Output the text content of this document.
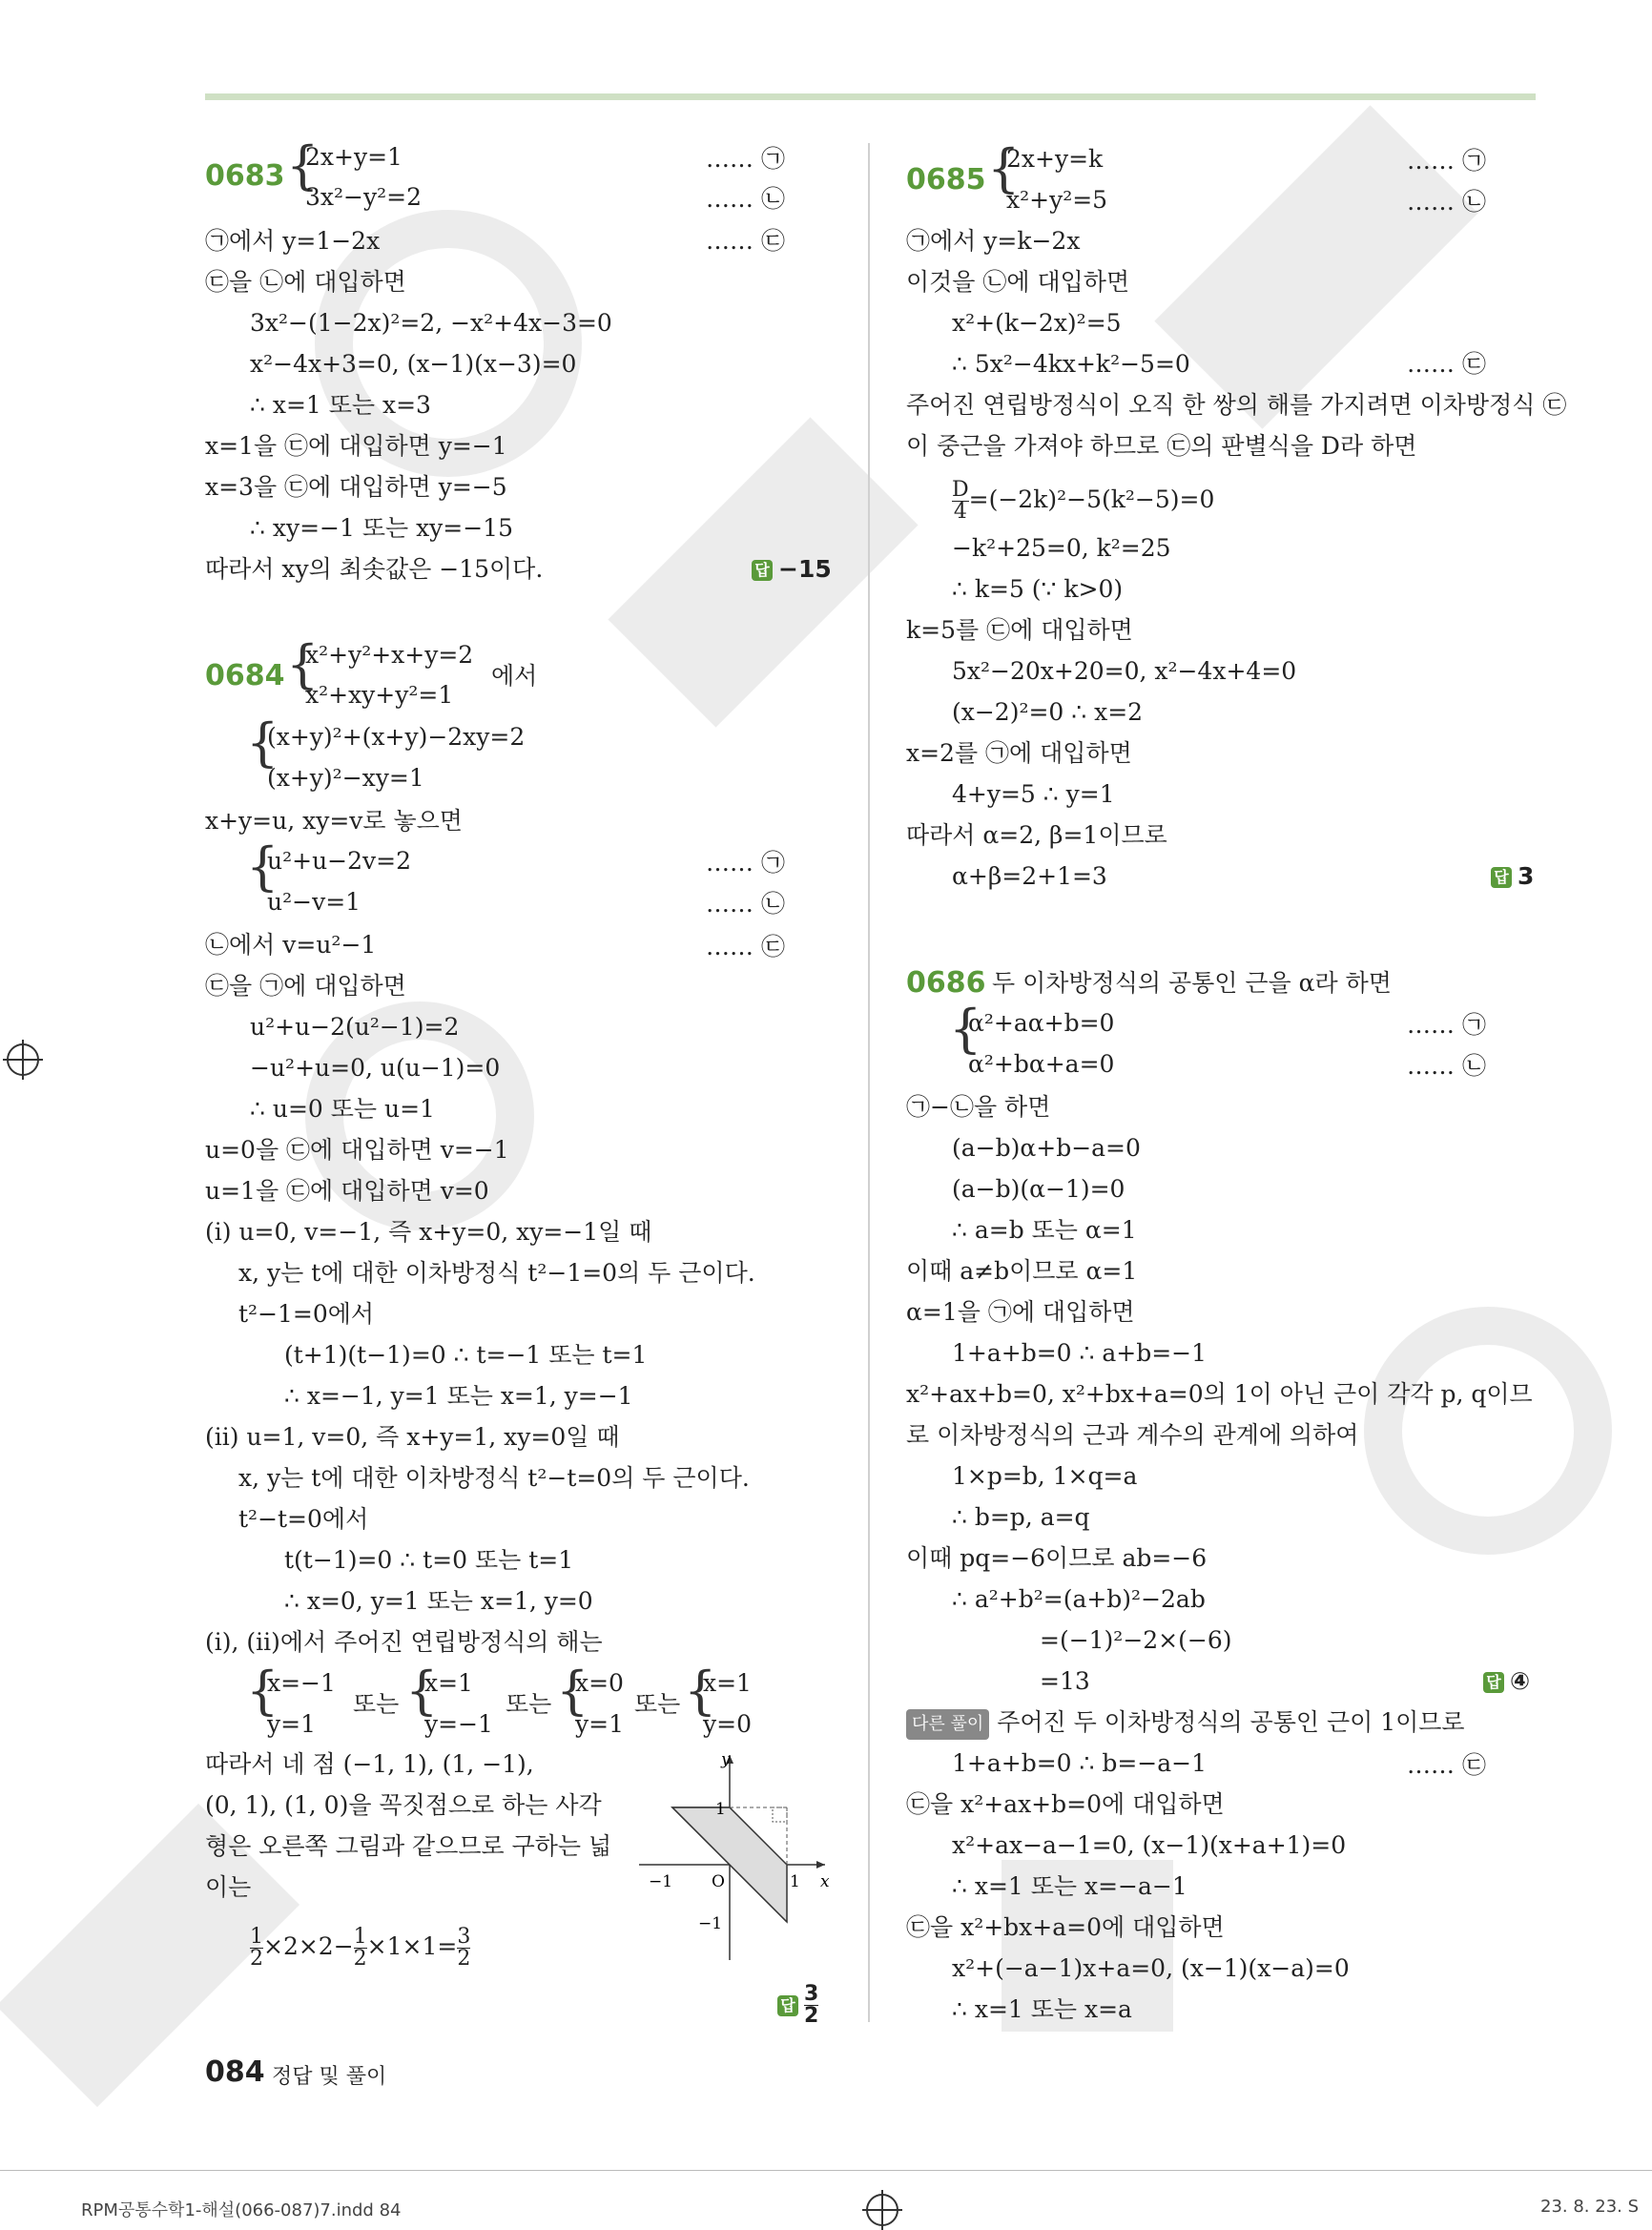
0683 {
2x+y=1
3x²−y²=2
…… ㉠
…… ㉡
㉠에서 y=1−2x	…… ㉢
㉢을 ㉡에 대입하면
3x²−(1−2x)²=2, −x²+4x−3=0
x²−4x+3=0, (x−1)(x−3)=0
∴ x=1 또는 x=3
x=1을 ㉢에 대입하면 y=−1
x=3을 ㉢에 대입하면 y=−5
∴ xy=−1 또는 xy=−15
따라서 xy의 최솟값은 −15이다.	답 −15
0684 {
x²+y²+x+y=2
x²+xy+y²=1
에서
{
(x+y)²+(x+y)−2xy=2
(x+y)²−xy=1
x+y=u, xy=v로 놓으면
{
u²+u−2v=2
u²−v=1
…… ㉠
…… ㉡
㉡에서 v=u²−1	…… ㉢
㉢을 ㉠에 대입하면
u²+u−2(u²−1)=2
−u²+u=0, u(u−1)=0
∴ u=0 또는 u=1
u=0을 ㉢에 대입하면 v=−1
u=1을 ㉢에 대입하면 v=0
(i) u=0, v=−1, 즉 x+y=0, xy=−1일 때
x, y는 t에 대한 이차방정식 t²−1=0의 두 근이다.
t²−1=0에서
(t+1)(t−1)=0 ∴ t=−1 또는 t=1
∴ x=−1, y=1 또는 x=1, y=−1
(ii) u=1, v=0, 즉 x+y=1, xy=0일 때
x, y는 t에 대한 이차방정식 t²−t=0의 두 근이다.
t²−t=0에서
t(t−1)=0 ∴ t=0 또는 t=1
∴ x=0, y=1 또는 x=1, y=0
(i), (ii)에서 주어진 연립방정식의 해는
{
x=−1
y=1
또는 {
x=1
y=−1
또는 {
x=0
y=1
또는 {
x=1
y=0
따라서 네 점 (−1, 1), (1, −1),
(0, 1), (1, 0)을 꼭짓점으로 하는 사각
형은 오른쪽 그림과 같으므로 구하는 넓
이는
$\frac{1}{2} \times 2\times 2- \frac{1}{2} \times 1\times 1= \frac{3}{2}$
y
x
O
1
1
−1
−1
답 $\frac{3}{2}$
0685 {
2x+y=k
x²+y²=5
…… ㉠
…… ㉡
㉠에서 y=k−2x
이것을 ㉡에 대입하면
x²+(k−2x)²=5
∴ 5x²−4kx+k²−5=0	…… ㉢
주어진 연립방정식이 오직 한 쌍의 해를 가지려면 이차방정식 ㉢
이 중근을 가져야 하므로 ㉢의 판별식을 D라 하면
$\frac{D}{4} =(-2k)^2-5(k^2-5)=0$
−k²+25=0, k²=25
∴ k=5 (∵ k>0)
k=5를 ㉢에 대입하면
5x²−20x+20=0, x²−4x+4=0
(x−2)²=0 ∴ x=2
x=2를 ㉠에 대입하면
4+y=5 ∴ y=1
따라서 α=2, β=1이므로
α+β=2+1=3	답 3
0686 두 이차방정식의 공통인 근을 α라 하면
{
α²+aα+b=0
α²+bα+a=0
…… ㉠
…… ㉡
㉠−㉡을 하면
(a−b)α+b−a=0
(a−b)(α−1)=0
∴ a=b 또는 α=1
이때 a≠b이므로 α=1
α=1을 ㉠에 대입하면
1+a+b=0 ∴ a+b=−1
x²+ax+b=0, x²+bx+a=0의 1이 아닌 근이 각각 p, q이므
로 이차방정식의 근과 계수의 관계에 의하여
1×p=b, 1×q=a
∴ b=p, a=q
이때 pq=−6이므로 ab=−6
∴ a²+b²=(a+b)²−2ab
=(−1)²−2×(−6)
=13	답 ④
다른 풀이 주어진 두 이차방정식의 공통인 근이 1이므로
1+a+b=0 ∴ b=−a−1	…… ㉢
㉢을 x²+ax+b=0에 대입하면
x²+ax−a−1=0, (x−1)(x+a+1)=0
∴ x=1 또는 x=−a−1
㉢을 x²+bx+a=0에 대입하면
x²+(−a−1)x+a=0, (x−1)(x−a)=0
∴ x=1 또는 x=a
084 정답 및 풀이
RPM공통수학1-해설(066-087)7.indd 84	23. 8. 23. S
